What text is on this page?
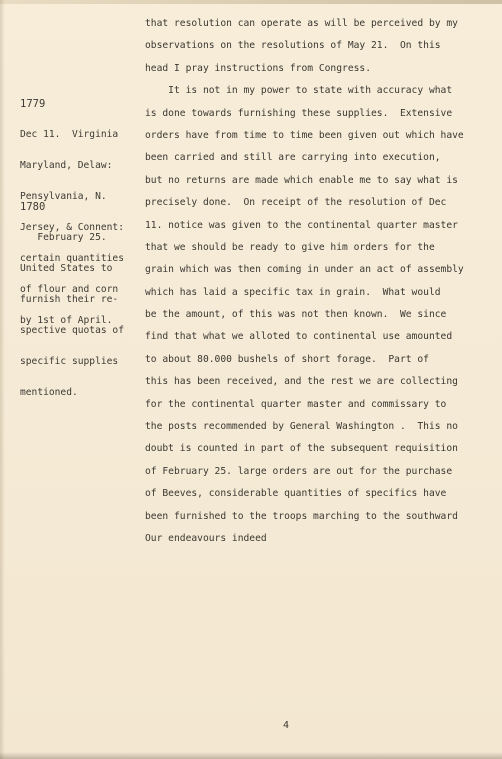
1779

Dec 11.  Virginia

Maryland, Delaw:

Pensylvania, N.

Jersey, & Connent:

certain quantities

of flour and corn

by 1st of April.

1780

February 25.

United States to

furnish their re-

spective quotas of

specific supplies

mentioned.

that resolution can operate as will be perceived by my
observations on the resolutions of May 21.  On this
head I pray instructions from Congress.
It is not in my power to state with accuracy what
is done towards furnishing these supplies.  Extensive
orders have from time to time been given out which have
been carried and still are carrying into execution,
but no returns are made which enable me to say what is
precisely done.  On receipt of the resolution of Dec
11. notice was given to the continental quarter master
that we should be ready to give him orders for the
grain which was then coming in under an act of assembly
which has laid a specific tax in grain.  What would
be the amount, of this was not then known.  We since
find that what we alloted to continental use amounted
to about 80.000 bushels of short forage.  Part of
this has been received, and the rest we are collecting
for the continental quarter master and commissary to
the posts recommended by General Washington .  This no
doubt is counted in part of the subsequent requisition
of February 25. large orders are out for the purchase
of Beeves, considerable quantities of specifics have
been furnished to the troops marching to the southward
Our endeavours indeed
4
